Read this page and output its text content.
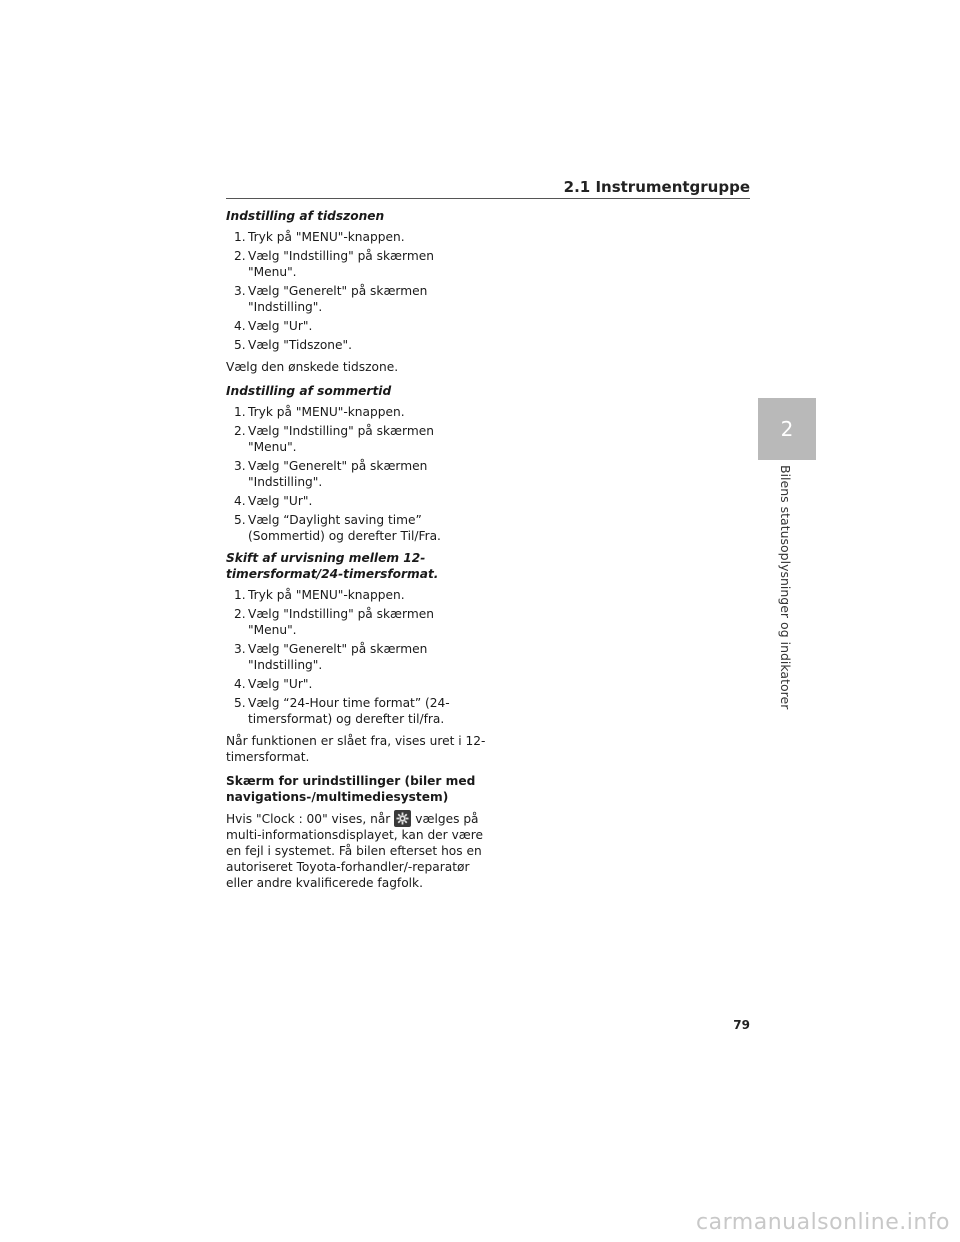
2.1 Instrumentgruppe

Indstilling af tidszonen

1. Tryk på "MENU"-knappen.
2. Vælg "Indstilling" på skærmen "Menu".
3. Vælg "Generelt" på skærmen "Indstilling".
4. Vælg "Ur".
5. Vælg "Tidszone".

Vælg den ønskede tidszone.

Indstilling af sommertid

1. Tryk på "MENU"-knappen.
2. Vælg "Indstilling" på skærmen "Menu".
3. Vælg "Generelt" på skærmen "Indstilling".
4. Vælg "Ur".
5. Vælg “Daylight saving time” (Sommertid) og derefter Til/Fra.

Skift af urvisning mellem 12-timersformat/24-timersformat.

1. Tryk på "MENU"-knappen.
2. Vælg "Indstilling" på skærmen "Menu".
3. Vælg "Generelt" på skærmen "Indstilling".
4. Vælg "Ur".
5. Vælg “24-Hour time format” (24-timersformat) og derefter til/fra.

Når funktionen er slået fra, vises uret i 12-timersformat.

Skærm for urindstillinger (biler med navigations-/multimediesystem)

Hvis "Clock : 00" vises, når vælges på multi-informationsdisplayet, kan der være en fejl i systemet. Få bilen efterset hos en autoriseret Toyota-forhandler/-reparatør eller andre kvalificerede fagfolk.

2
Bilens statusoplysninger og indikatorer
79
carmanualsonline.info
